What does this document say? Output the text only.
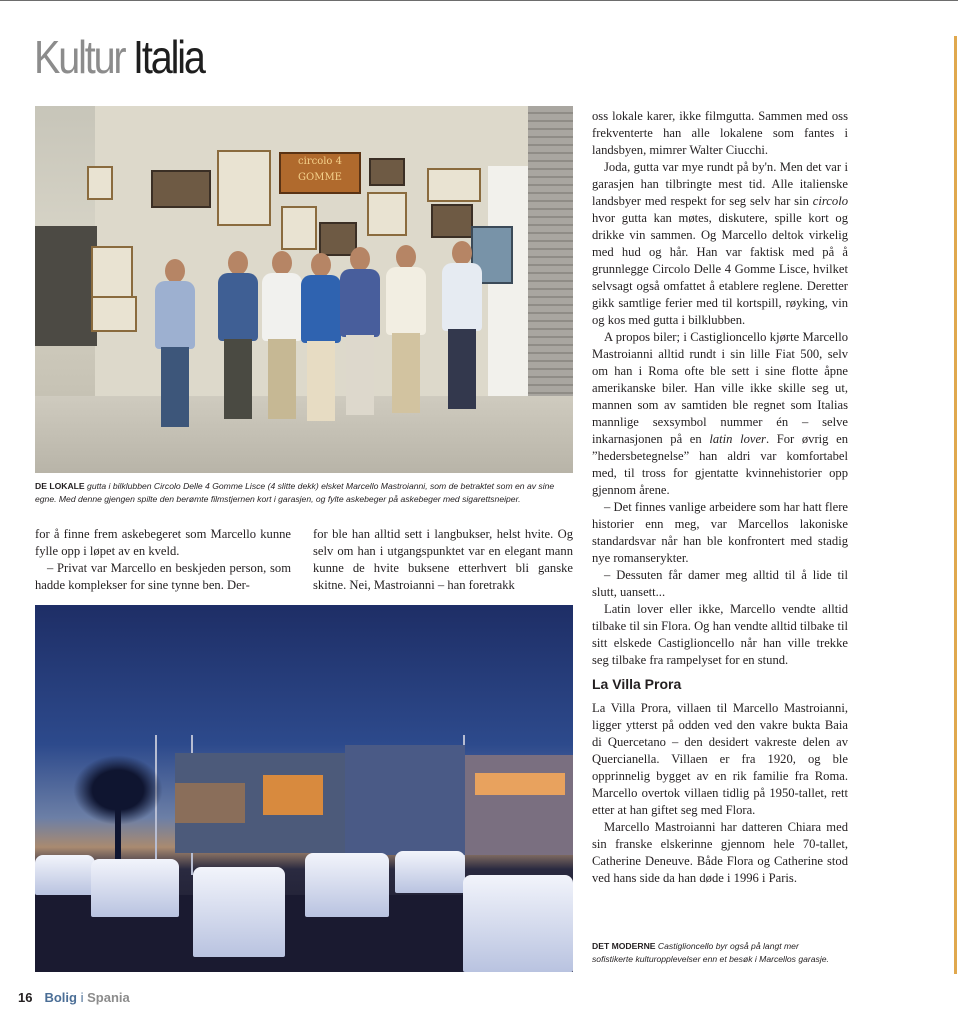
Kultur Italia
circolo 4 GOMME
DE LOKALE gutta i bilklubben Circolo Delle 4 Gomme Lisce (4 slitte dekk) elsket Marcello Mastroianni, som de betraktet som en av sine egne. Med denne gjengen spilte den berømte filmstjernen kort i garasjen, og fylte askebeger på askebeger med sigarettsneiper.

for å finne frem askebegeret som Marcello kunne fylle opp i løpet av en kveld.

– Privat var Marcello en beskjeden person, som hadde komplekser for sine tynne ben. Der-

for ble han alltid sett i langbukser, helst hvite. Og selv om han i utgangspunktet var en elegant mann kunne de hvite buksene etterhvert bli ganske skitne. Nei, Mastroianni – han foretrakk

oss lokale karer, ikke filmgutta. Sammen med oss frekventerte han alle lokalene som fantes i landsbyen, mimrer Walter Ciucchi.

Joda, gutta var mye rundt på by'n. Men det var i garasjen han tilbringte mest tid. Alle italienske landsbyer med respekt for seg selv har sin circolo hvor gutta kan møtes, diskutere, spille kort og drikke vin sammen. Og Marcello deltok virkelig med hud og hår. Han var faktisk med på å grunnlegge Circolo Delle 4 Gomme Lisce, hvilket selvsagt også omfattet å etablere reglene. Deretter gikk samtlige ferier med til kortspill, røyking, vin og kos med gutta i bilklubben.

A propos biler; i Castiglioncello kjørte Marcello Mastroianni alltid rundt i sin lille Fiat 500, selv om han i Roma ofte ble sett i sine flotte åpne amerikanske biler. Han ville ikke skille seg ut, mannen som av samtiden ble regnet som Italias mannlige sexsymbol nummer én – selve inkarnasjonen på en latin lover. For øvrig en ”hedersbetegnelse” han aldri var komfortabel med, til tross for gjentatte kvinnehistorier opp gjennom årene.

– Det finnes vanlige arbeidere som har hatt flere historier enn meg, var Marcellos lakoniske standardsvar når han ble konfrontert med stadig nye romanserykter.

– Dessuten får damer meg alltid til å lide til slutt, uansett...

Latin lover eller ikke, Marcello vendte alltid tilbake til sin Flora. Og han vendte alltid tilbake til sitt elskede Castiglioncello når han ville trekke seg tilbake fra rampelyset for en stund.

La Villa Prora

La Villa Prora, villaen til Marcello Mastroianni, ligger ytterst på odden ved den vakre bukta Baia di Quercetano – den desidert vakreste delen av Quercianella. Villaen er fra 1920, og ble opprinnelig bygget av en rik familie fra Roma. Marcello overtok villaen tidlig på 1950-tallet, rett etter at han giftet seg med Flora.

Marcello Mastroianni har datteren Chiara med sin franske elskerinne gjennom hele 70-tallet, Catherine Deneuve. Både Flora og Catherine stod ved hans side da han døde i 1996 i Paris.

DET MODERNE Castiglioncello byr også på langt mer sofistikerte kulturopplevelser enn et besøk i Marcellos garasje.
16 Bolig i Spania
